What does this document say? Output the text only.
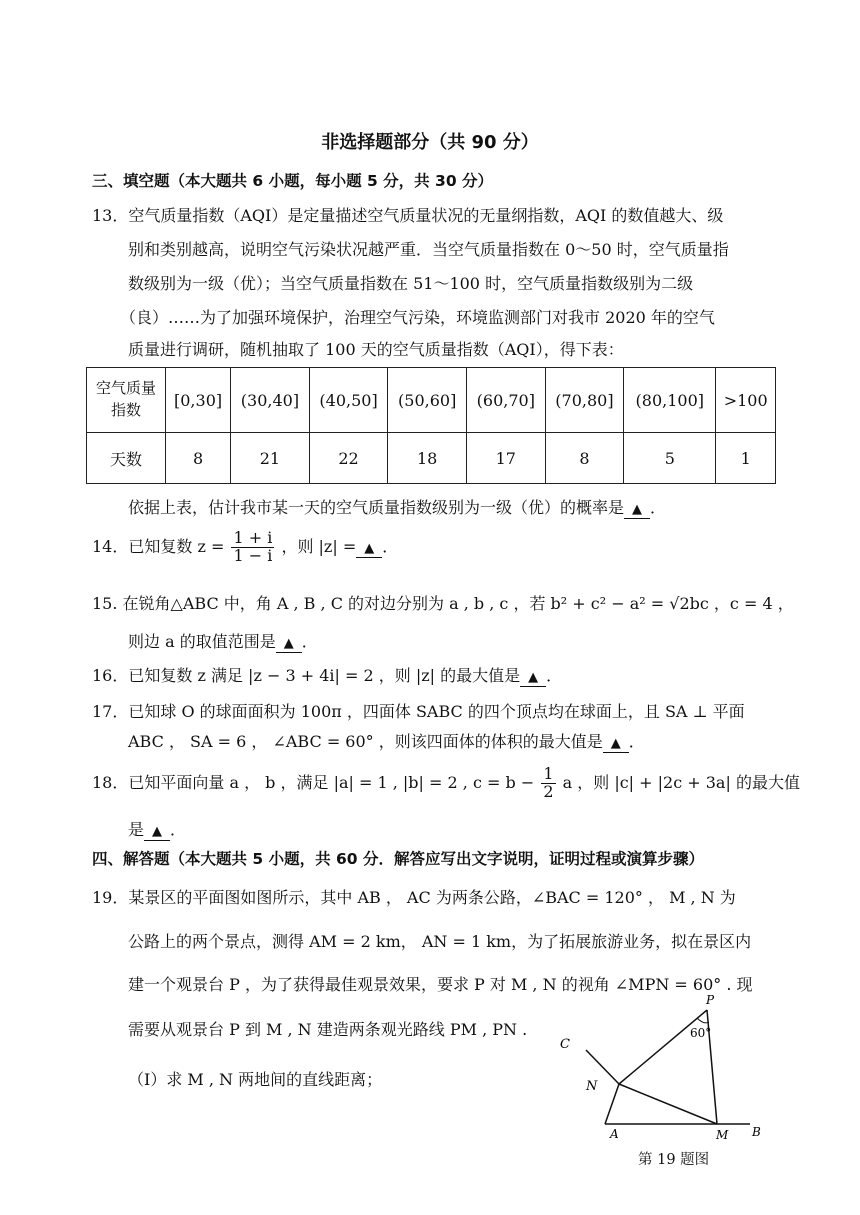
非选择题部分（共 90 分）
三、填空题（本大题共 6 小题，每小题 5 分，共 30 分）
13．空气质量指数（AQI）是定量描述空气质量状况的无量纲指数，AQI 的数值越大、级
别和类别越高，说明空气污染状况越严重．当空气质量指数在 0～50 时，空气质量指
数级别为一级（优）；当空气质量指数在 51～100 时，空气质量指数级别为二级
（良）……为了加强环境保护，治理空气污染，环境监测部门对我市 2020 年的空气
质量进行调研，随机抽取了 100 天的空气质量指数（AQI），得下表：
空气质量
指数	[0,30]	(30,40]	(40,50]	(50,60]	(60,70]	(70,80]	(80,100]	>100
天数	8	21	22	18	17	8	5	1
依据上表，估计我市某一天的空气质量指数级别为一级（优）的概率是 ▲ ．
14．已知复数 $z = \frac{1 + i}{1 - i}$ ，则 |z| = ▲ ．
15. 在锐角△ABC 中，角 A , B , C 的对边分别为 a , b , c ，若 b² + c² − a² = √2bc ，c = 4 ，
则边 a 的取值范围是 ▲ ．
16．已知复数 z 满足 |z − 3 + 4i| = 2 ，则 |z| 的最大值是 ▲ ．
17．已知球 O 的球面面积为 100π ，四面体 SABC 的四个顶点均在球面上，且 SA ⊥ 平面
ABC ， SA = 6 ， ∠ABC = 60° ，则该四面体的体积的最大值是 ▲ ．
18．已知平面向量 a ， b ，满足 |a| = 1 , |b| = 2 , $c = b - \frac{1}{2}$ a ，则 |c| + |2c + 3a| 的最大值
是 ▲ ．
四、解答题（本大题共 5 小题，共 60 分．解答应写出文字说明，证明过程或演算步骤）
19．某景区的平面图如图所示，其中 AB ， AC 为两条公路，∠BAC = 120° ， M , N 为
公路上的两个景点，测得 AM = 2 km， AN = 1 km，为了拓展旅游业务，拟在景区内
建一个观景台 P ，为了获得最佳观景效果，要求 P 对 M , N 的视角 ∠MPN = 60° . 现
需要从观景台 P 到 M , N 建造两条观光路线 PM , PN .
（Ⅰ）求 M , N 两地间的直线距离；
60°
P
C
N
A	M B
第 19 题图
